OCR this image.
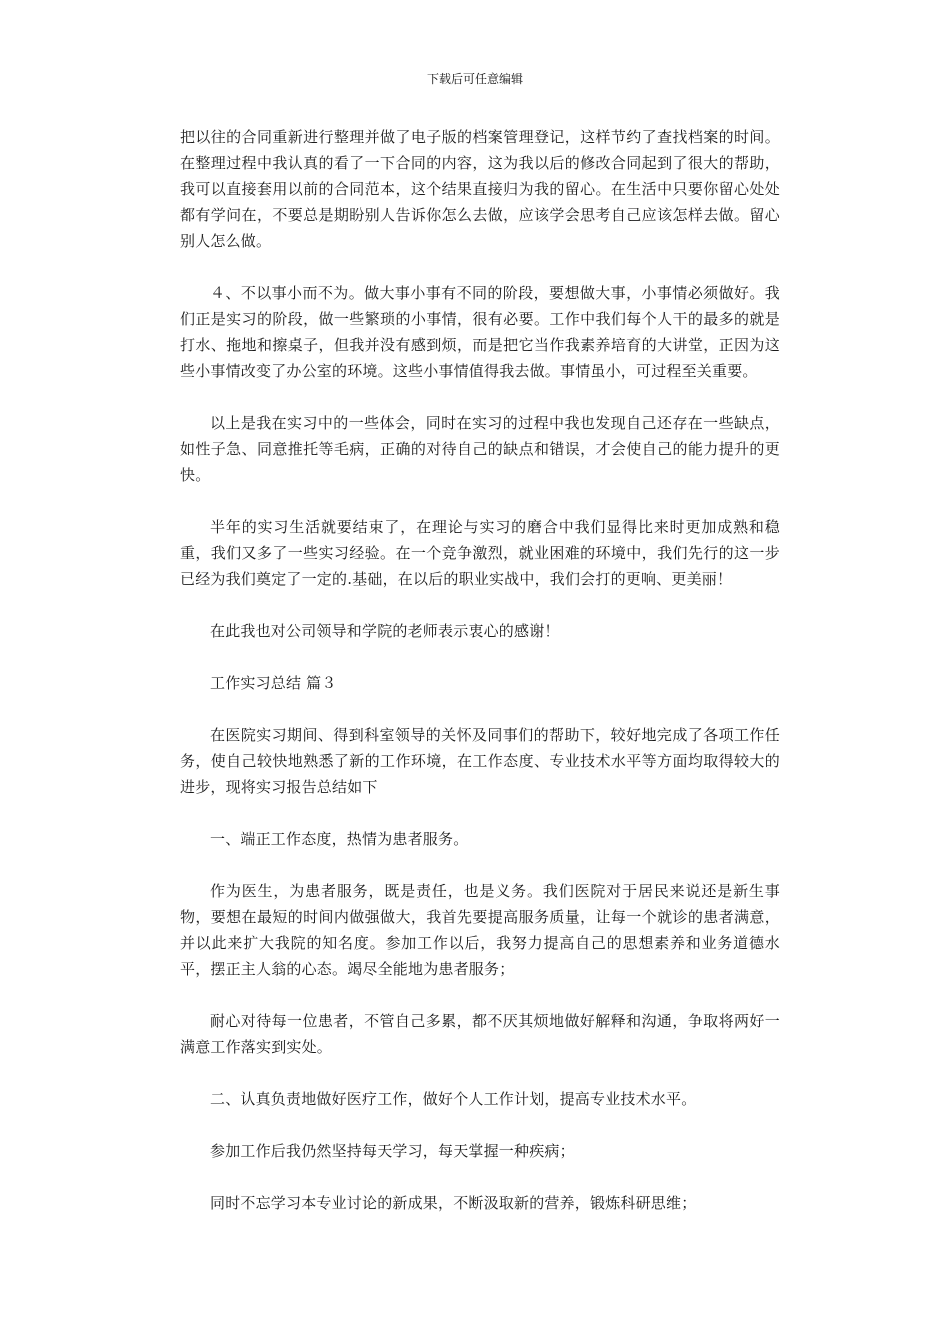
下载后可任意编辑

把以往的合同重新进行整理并做了电子版的档案管理登记，这样节约了查找档案的时间。在整理过程中我认真的看了一下合同的内容，这为我以后的修改合同起到了很大的帮助，我可以直接套用以前的合同范本，这个结果直接归为我的留心。在生活中只要你留心处处都有学问在，不要总是期盼别人告诉你怎么去做，应该学会思考自己应该怎样去做。留心别人怎么做。

４、不以事小而不为。做大事小事有不同的阶段，要想做大事，小事情必须做好。我们正是实习的阶段，做一些繁琐的小事情，很有必要。工作中我们每个人干的最多的就是打水、拖地和擦桌子，但我并没有感到烦，而是把它当作我素养培育的大讲堂，正因为这些小事情改变了办公室的环境。这些小事情值得我去做。事情虽小，可过程至关重要。

以上是我在实习中的一些体会，同时在实习的过程中我也发现自己还存在一些缺点，如性子急、同意推托等毛病，正确的对待自己的缺点和错误，才会使自己的能力提升的更快。

半年的实习生活就要结束了，在理论与实习的磨合中我们显得比来时更加成熟和稳重，我们又多了一些实习经验。在一个竞争激烈，就业困难的环境中，我们先行的这一步已经为我们奠定了一定的.基础，在以后的职业实战中，我们会打的更响、更美丽！

在此我也对公司领导和学院的老师表示衷心的感谢！

工作实习总结 篇３

在医院实习期间、得到科室领导的关怀及同事们的帮助下，较好地完成了各项工作任务，使自己较快地熟悉了新的工作环境，在工作态度、专业技术水平等方面均取得较大的进步，现将实习报告总结如下

一、端正工作态度，热情为患者服务。

作为医生，为患者服务，既是责任，也是义务。我们医院对于居民来说还是新生事物，要想在最短的时间内做强做大，我首先要提高服务质量，让每一个就诊的患者满意，并以此来扩大我院的知名度。参加工作以后，我努力提高自己的思想素养和业务道德水平，摆正主人翁的心态。竭尽全能地为患者服务；

耐心对待每一位患者，不管自己多累，都不厌其烦地做好解释和沟通，争取将两好一满意工作落实到实处。

二、认真负责地做好医疗工作，做好个人工作计划，提高专业技术水平。

参加工作后我仍然坚持每天学习，每天掌握一种疾病；

同时不忘学习本专业讨论的新成果，不断汲取新的营养，锻炼科研思维；
